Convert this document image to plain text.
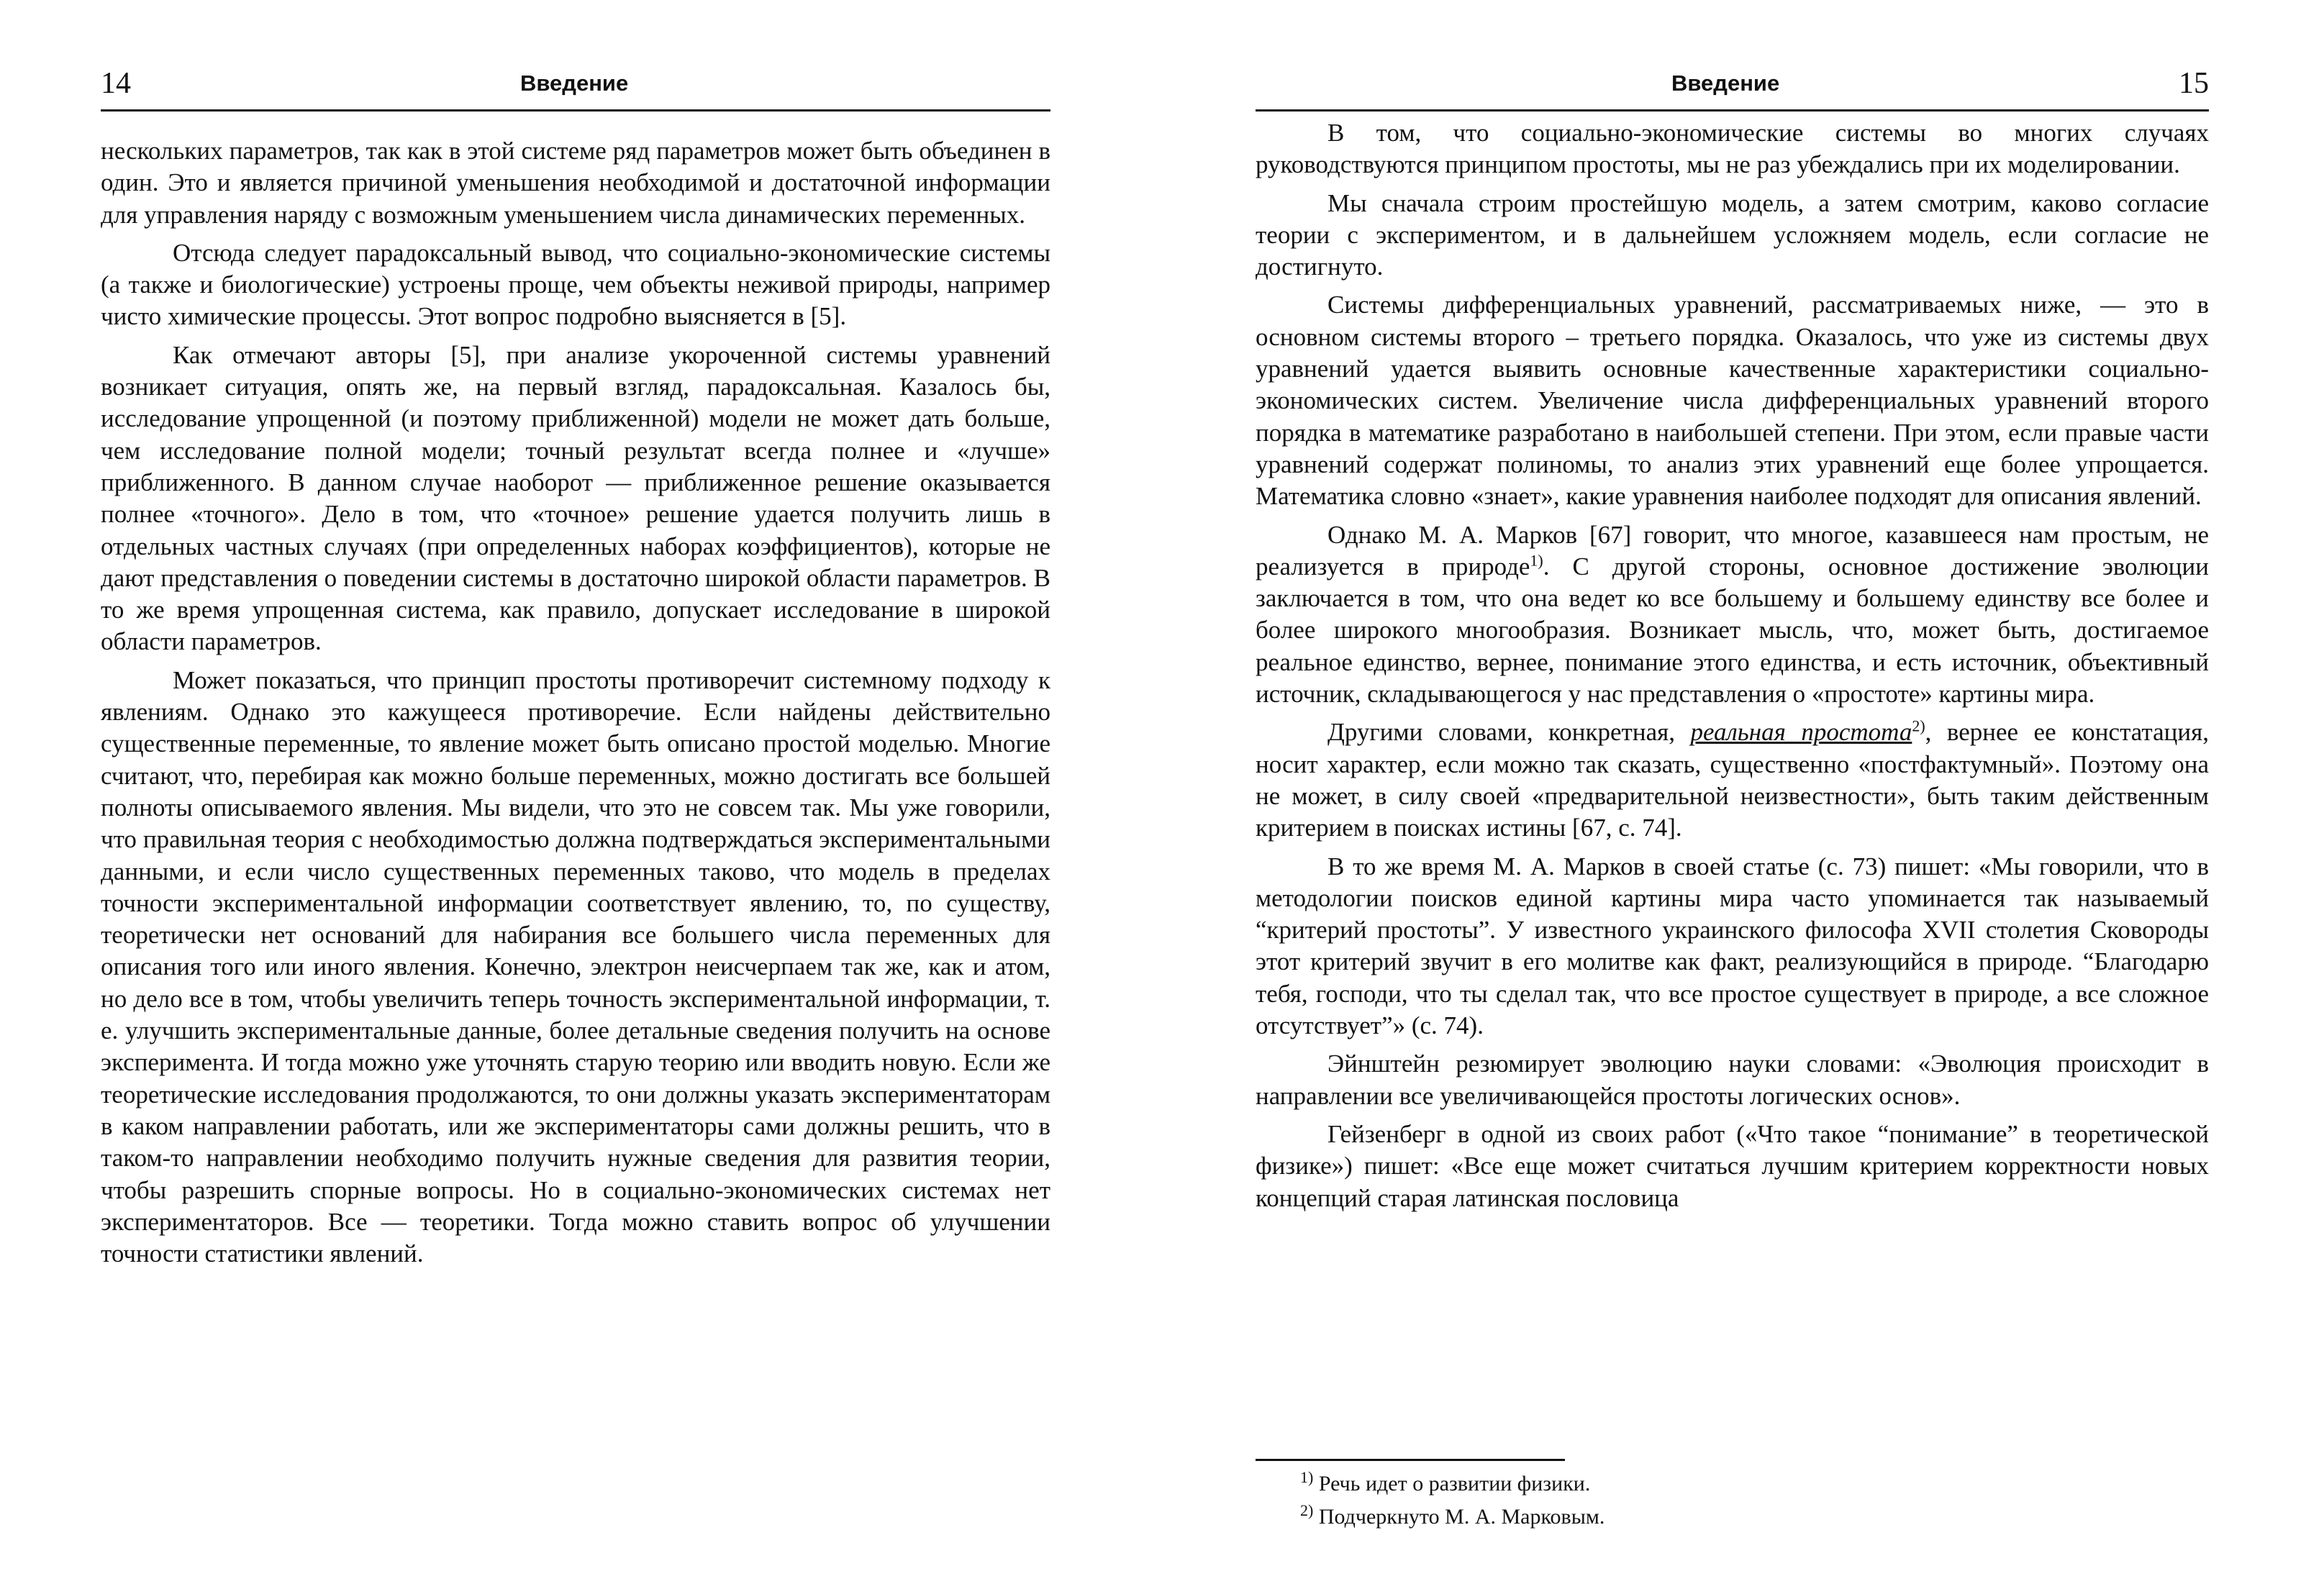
14	Введение

нескольких параметров, так как в этой системе ряд параметров может быть объединен в один. Это и является причиной уменьшения необходимой и достаточной информации для управления наряду с возможным уменьшением числа динамических переменных.

Отсюда следует парадоксальный вывод, что социально-экономические системы (а также и биологические) устроены проще, чем объекты неживой природы, например чисто химические процессы. Этот вопрос подробно выясняется в [5].

Как отмечают авторы [5], при анализе укороченной системы уравнений возникает ситуация, опять же, на первый взгляд, парадоксальная. Казалось бы, исследование упрощенной (и поэтому приближенной) модели не может дать больше, чем исследование полной модели; точный результат всегда полнее и «лучше» приближенного. В данном случае наоборот — приближенное решение оказывается полнее «точного». Дело в том, что «точное» решение удается получить лишь в отдельных частных случаях (при определенных наборах коэффициентов), которые не дают представления о поведении системы в достаточно широкой области параметров. В то же время упрощенная система, как правило, допускает исследование в широкой области параметров.

Может показаться, что принцип простоты противоречит системному подходу к явлениям. Однако это кажущееся противоречие. Если найдены действительно существенные переменные, то явление может быть описано простой моделью. Многие считают, что, перебирая как можно больше переменных, можно достигать все большей полноты описываемого явления. Мы видели, что это не совсем так. Мы уже говорили, что правильная теория с необходимостью должна подтверждаться экспериментальными данными, и если число существенных переменных таково, что модель в пределах точности экспериментальной информации соответствует явлению, то, по существу, теоретически нет оснований для набирания все большего числа переменных для описания того или иного явления. Конечно, электрон неисчерпаем так же, как и атом, но дело все в том, чтобы увеличить теперь точность экспериментальной информации, т. е. улучшить экспериментальные данные, более детальные сведения получить на основе эксперимента. И тогда можно уже уточнять старую теорию или вводить новую. Если же теоретические исследования продолжаются, то они должны указать экспериментаторам в каком направлении работать, или же экспериментаторы сами должны решить, что в таком-то направлении необходимо получить нужные сведения для развития теории, чтобы разрешить спорные вопросы. Но в социально-экономических системах нет экспериментаторов. Все — теоретики. Тогда можно ставить вопрос об улучшении точности статистики явлений.

Введение	15

В том, что социально-экономические системы во многих случаях руководствуются принципом простоты, мы не раз убеждались при их моделировании.

Мы сначала строим простейшую модель, а затем смотрим, каково согласие теории с экспериментом, и в дальнейшем усложняем модель, если согласие не достигнуто.

Системы дифференциальных уравнений, рассматриваемых ниже, — это в основном системы второго – третьего порядка. Оказалось, что уже из системы двух уравнений удается выявить основные качественные характеристики социально-экономических систем. Увеличение числа дифференциальных уравнений второго порядка в математике разработано в наибольшей степени. При этом, если правые части уравнений содержат полиномы, то анализ этих уравнений еще более упрощается. Математика словно «знает», какие уравнения наиболее подходят для описания явлений.

Однако М. А. Марков [67] говорит, что многое, казавшееся нам простым, не реализуется в природе$^{1)}$. С другой стороны, основное достижение эволюции заключается в том, что она ведет ко все большему и большему единству все более и более широкого многообразия. Возникает мысль, что, может быть, достигаемое реальное единство, вернее, понимание этого единства, и есть источник, объективный источник, складывающегося у нас представления о «простоте» картины мира.

Другими словами, конкретная, реальная простота$^{2)}$, вернее ее констатация, носит характер, если можно так сказать, существенно «постфактумный». Поэтому она не может, в силу своей «предварительной неизвестности», быть таким действенным критерием в поисках истины [67, с. 74].

В то же время М. А. Марков в своей статье (с. 73) пишет: «Мы говорили, что в методологии поисков единой картины мира часто упоминается так называемый “критерий простоты”. У известного украинского философа XVII столетия Сковороды этот критерий звучит в его молитве как факт, реализующийся в природе. “Благодарю тебя, господи, что ты сделал так, что все простое существует в природе, а все сложное отсутствует”» (с. 74).

Эйнштейн резюмирует эволюцию науки словами: «Эволюция происходит в направлении все увеличивающейся простоты логических основ».

Гейзенберг в одной из своих работ («Что такое “понимание” в теоретической физике») пишет: «Все еще может считаться лучшим критерием корректности новых концепций старая латинская пословица

$^{1)}$ Речь идет о развитии физики.

$^{2)}$ Подчеркнуто М. А. Марковым.
